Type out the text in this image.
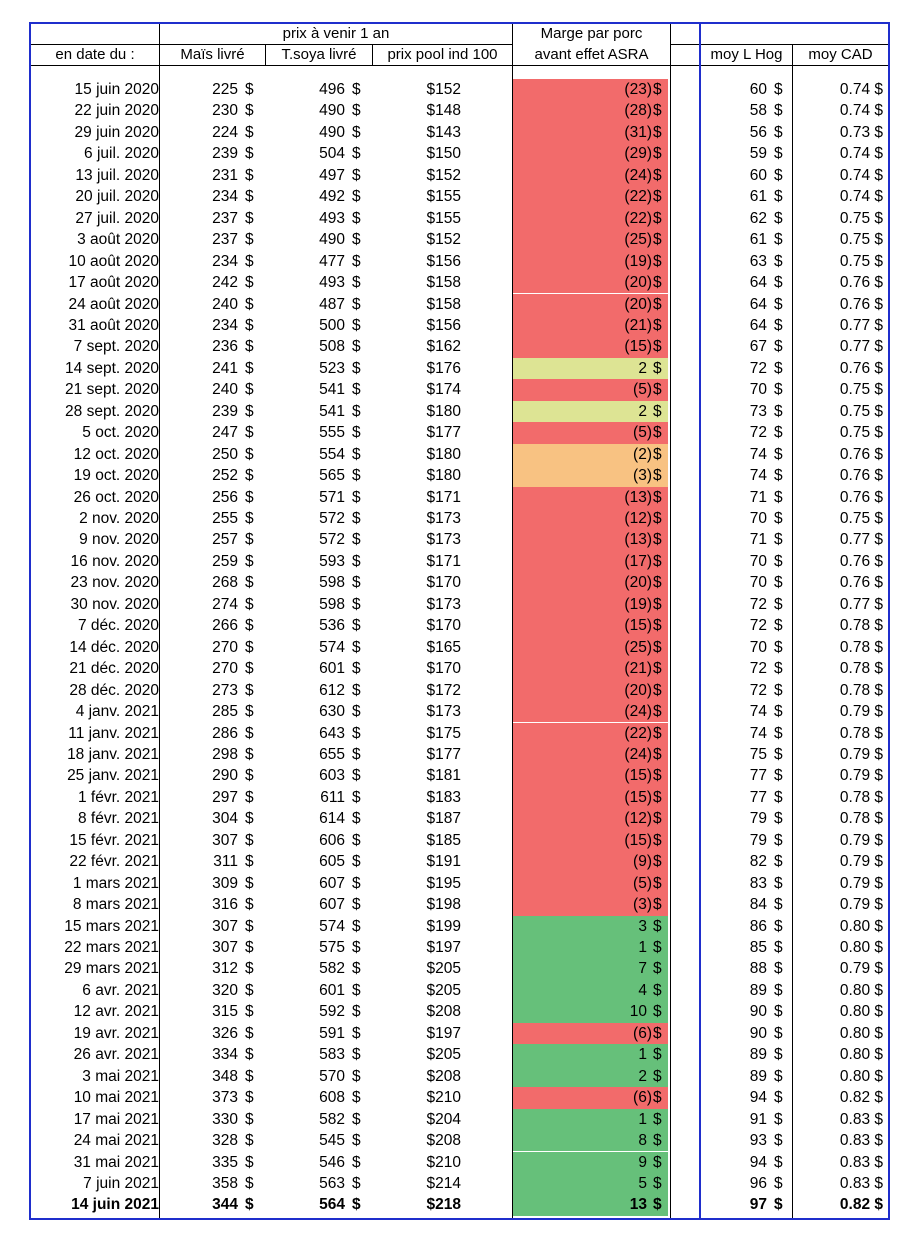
prix à venir 1 an	Marge par porc
en date du :	Maïs livré	T.soya livré	prix pool ind 100	avant effet ASRA	moy L Hog	moy CAD
15 juin 2020	225 $	496 $	$152	(23) $	60 $	0.74 $
22 juin 2020	230 $	490 $	$148	(28) $	58 $	0.74 $
29 juin 2020	224 $	490 $	$143	(31) $	56 $	0.73 $
6 juil. 2020	239 $	504 $	$150	(29) $	59 $	0.74 $
13 juil. 2020	231 $	497 $	$152	(24) $	60 $	0.74 $
20 juil. 2020	234 $	492 $	$155	(22) $	61 $	0.74 $
27 juil. 2020	237 $	493 $	$155	(22) $	62 $	0.75 $
3 août 2020	237 $	490 $	$152	(25) $	61 $	0.75 $
10 août 2020	234 $	477 $	$156	(19) $	63 $	0.75 $
17 août 2020	242 $	493 $	$158	(20) $	64 $	0.76 $
24 août 2020	240 $	487 $	$158	(20) $	64 $	0.76 $
31 août 2020	234 $	500 $	$156	(21) $	64 $	0.77 $
7 sept. 2020	236 $	508 $	$162	(15) $	67 $	0.77 $
14 sept. 2020	241 $	523 $	$176	2 $	72 $	0.76 $
21 sept. 2020	240 $	541 $	$174	(5) $	70 $	0.75 $
28 sept. 2020	239 $	541 $	$180	2 $	73 $	0.75 $
5 oct. 2020	247 $	555 $	$177	(5) $	72 $	0.75 $
12 oct. 2020	250 $	554 $	$180	(2) $	74 $	0.76 $
19 oct. 2020	252 $	565 $	$180	(3) $	74 $	0.76 $
26 oct. 2020	256 $	571 $	$171	(13) $	71 $	0.76 $
2 nov. 2020	255 $	572 $	$173	(12) $	70 $	0.75 $
9 nov. 2020	257 $	572 $	$173	(13) $	71 $	0.77 $
16 nov. 2020	259 $	593 $	$171	(17) $	70 $	0.76 $
23 nov. 2020	268 $	598 $	$170	(20) $	70 $	0.76 $
30 nov. 2020	274 $	598 $	$173	(19) $	72 $	0.77 $
7 déc. 2020	266 $	536 $	$170	(15) $	72 $	0.78 $
14 déc. 2020	270 $	574 $	$165	(25) $	70 $	0.78 $
21 déc. 2020	270 $	601 $	$170	(21) $	72 $	0.78 $
28 déc. 2020	273 $	612 $	$172	(20) $	72 $	0.78 $
4 janv. 2021	285 $	630 $	$173	(24) $	74 $	0.79 $
11 janv. 2021	286 $	643 $	$175	(22) $	74 $	0.78 $
18 janv. 2021	298 $	655 $	$177	(24) $	75 $	0.79 $
25 janv. 2021	290 $	603 $	$181	(15) $	77 $	0.79 $
1 févr. 2021	297 $	611 $	$183	(15) $	77 $	0.78 $
8 févr. 2021	304 $	614 $	$187	(12) $	79 $	0.78 $
15 févr. 2021	307 $	606 $	$185	(15) $	79 $	0.79 $
22 févr. 2021	311 $	605 $	$191	(9) $	82 $	0.79 $
1 mars 2021	309 $	607 $	$195	(5) $	83 $	0.79 $
8 mars 2021	316 $	607 $	$198	(3) $	84 $	0.79 $
15 mars 2021	307 $	574 $	$199	3 $	86 $	0.80 $
22 mars 2021	307 $	575 $	$197	1 $	85 $	0.80 $
29 mars 2021	312 $	582 $	$205	7 $	88 $	0.79 $
6 avr. 2021	320 $	601 $	$205	4 $	89 $	0.80 $
12 avr. 2021	315 $	592 $	$208	10 $	90 $	0.80 $
19 avr. 2021	326 $	591 $	$197	(6) $	90 $	0.80 $
26 avr. 2021	334 $	583 $	$205	1 $	89 $	0.80 $
3 mai 2021	348 $	570 $	$208	2 $	89 $	0.80 $
10 mai 2021	373 $	608 $	$210	(6) $	94 $	0.82 $
17 mai 2021	330 $	582 $	$204	1 $	91 $	0.83 $
24 mai 2021	328 $	545 $	$208	8 $	93 $	0.83 $
31 mai 2021	335 $	546 $	$210	9 $	94 $	0.83 $
7 juin 2021	358 $	563 $	$214	5 $	96 $	0.83 $
14 juin 2021	344 $	564 $	$218	13 $	97 $	0.82 $
